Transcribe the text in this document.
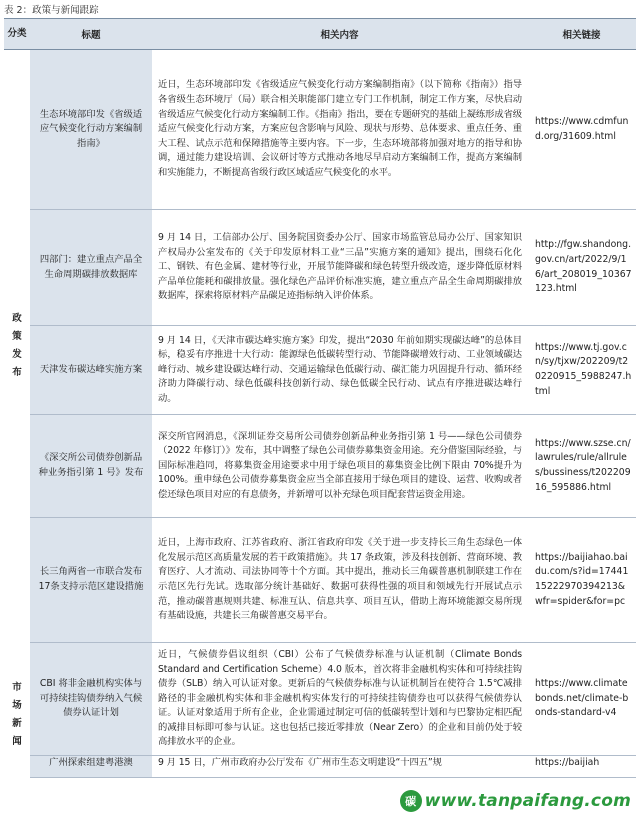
表 2：政策与新闻跟踪
分类	标题	相关内容	相关链接

政策发布	生态环境部印发《省级适应气候变化行动方案编制指南》	近日，生态环境部印发《省级适应气候变化行动方案编制指南》（以下简称《指南》）指导各省级生态环境厅（局）联合相关职能部门建立专门工作机制，制定工作方案，尽快启动省级适应气候变化行动方案编制工作。《指南》指出，要在专题研究的基础上凝练形成省级适应气候变化行动方案，方案应包含影响与风险、现状与形势、总体要求、重点任务、重大工程、试点示范和保障措施等主要内容。下一步，生态环境部将加强对地方的指导和协调，通过能力建设培训、会议研讨等方式推动各地尽早启动方案编制工作，提高方案编制和实施能力，不断提高省级行政区域适应气候变化的水平。	https://www.cdmfund.org/31609.html
	四部门：建立重点产品全生命周期碳排放数据库	9 月 14 日，工信部办公厅、国务院国资委办公厅、国家市场监管总局办公厅、国家知识产权局办公室发布的《关于印发原材料工业“三品”实施方案的通知》提出，围绕石化化工、钢铁、有色金属、建材等行业，开展节能降碳和绿色转型升级改造，逐步降低原材料产品单位能耗和碳排放量。强化绿色产品评价标准实施，建立重点产品全生命周期碳排放数据库，探索将原材料产品碳足迹指标纳入评价体系。	http://fgw.shandong.gov.cn/art/2022/9/16/art_208019_10367123.html
	天津发布碳达峰实施方案	9 月 14 日，《天津市碳达峰实施方案》印发，提出“2030 年前如期实现碳达峰”的总体目标，稳妥有序推进十大行动：能源绿色低碳转型行动、节能降碳增效行动、工业领域碳达峰行动、城乡建设碳达峰行动、交通运输绿色低碳行动、碳汇能力巩固提升行动、循环经济助力降碳行动、绿色低碳科技创新行动、绿色低碳全民行动、试点有序推进碳达峰行动。	https://www.tj.gov.cn/sy/tjxw/202209/t20220915_5988247.html
	《深交所公司债券创新品种业务指引第 1 号》发布	深交所官网消息，《深圳证券交易所公司债券创新品种业务指引第 1 号——绿色公司债券（2022 年修订）》发布，其中调整了绿色公司债券募集资金用途。充分借鉴国际经验，与国际标准趋同，将募集资金用途要求中用于绿色项目的募集资金比例下限由 70%提升为 100%。重申绿色公司债券募集资金应当全部直接用于绿色项目的建设、运营、收购或者偿还绿色项目对应的有息债务，并新增可以补充绿色项目配套营运资金用途。	https://www.szse.cn/lawrules/rule/allrules/bussiness/t20220916_595886.html
	长三角两省一市联合发布17条支持示范区建设措施	近日，上海市政府、江苏省政府、浙江省政府印发《关于进一步支持长三角生态绿色一体化发展示范区高质量发展的若干政策措施》。共 17 条政策，涉及科技创新、营商环境、教育医疗、人才流动、司法协同等十个方面。其中提出，推动长三角碳普惠机制联建工作在示范区先行先试。选取部分统计基础好、数据可获得性强的项目和领域先行开展试点示范，推动碳普惠规则共建、标准互认、信息共享、项目互认，借助上海环境能源交易所现有基础设施，共建长三角碳普惠交易平台。	https://baijiahao.baidu.com/s?id=1744115222970394213&wfr=spider&for=pc

市场新闻	CBI 将非金融机构实体与可持续挂钩债券纳入气候债券认证计划	近日，气候债券倡议组织（CBI）公布了气候债券标准与认证机制（Climate Bonds Standard and Certification Scheme）4.0 版本，首次将非金融机构实体和可持续挂钩债券（SLB）纳入可认证对象。更新后的气候债券标准与认证机制旨在使符合 1.5℃减排路径的非金融机构实体和非金融机构实体发行的可持续挂钩债券也可以获得气候债券认证。认证对象适用于所有企业，企业需通过制定可信的低碳转型计划和与巴黎协定相匹配的减排目标即可参与认证。这也包括已接近零排放（Near Zero）的企业和目前仍处于较高排放水平的企业。	https://www.climatebonds.net/climate-bonds-standard-v4
	广州探索组建粤港澳	9 月 15 日，广州市政府办公厅发布《广州市生态文明建设“十四五”规	https://baijiah
碳 www.tanpaifang.com
